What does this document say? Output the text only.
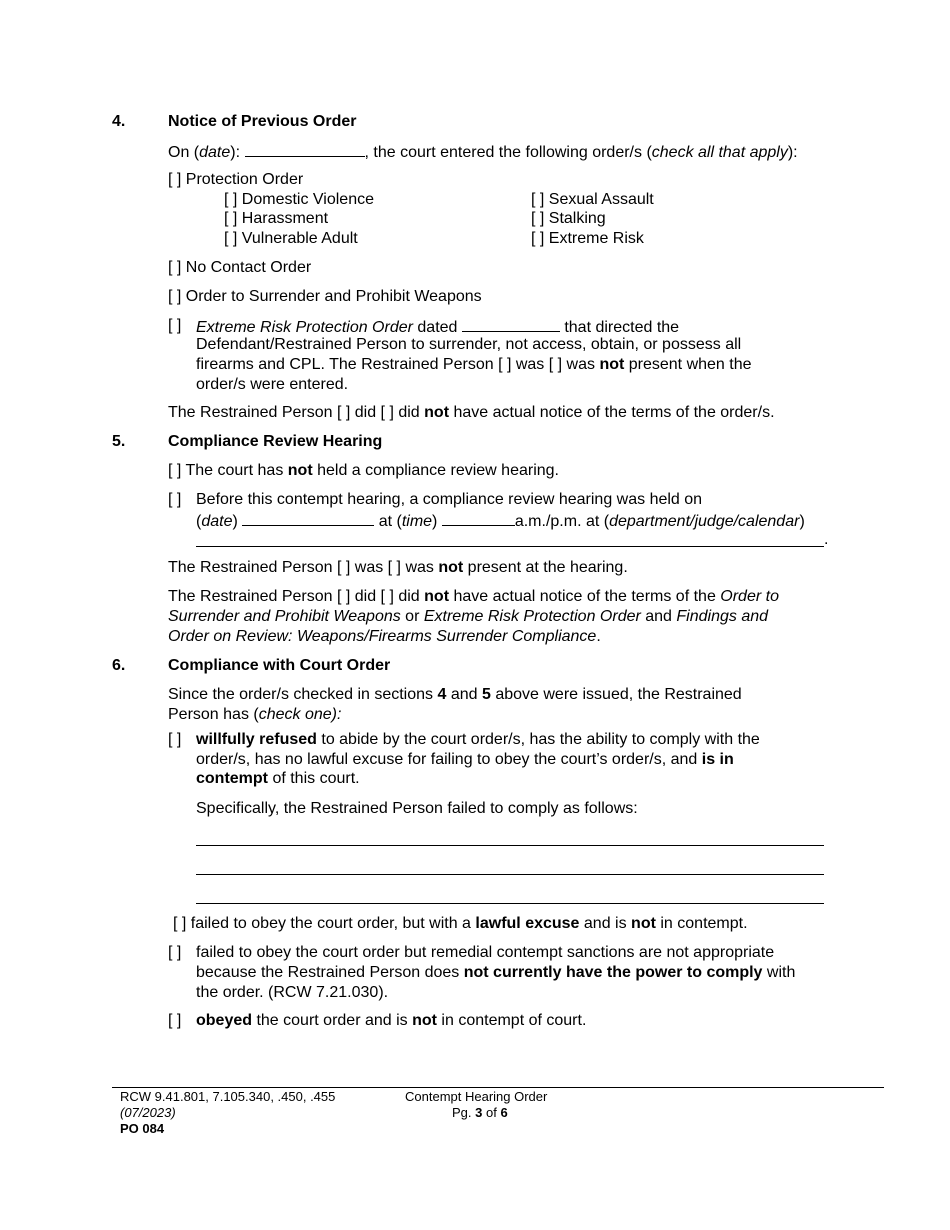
4.	Notice of Previous Order
On (date):	, the court entered the following order/s (check all that apply):
[ ] Protection Order
[ ] Domestic Violence	[ ] Sexual Assault
[ ] Harassment	[ ] Stalking
[ ] Vulnerable Adult	[ ] Extreme Risk
[ ] No Contact Order
[ ] Order to Surrender and Prohibit Weapons
[ ] Extreme Risk Protection Order dated	that directed the
Defendant/Restrained Person to surrender, not access, obtain, or possess all
firearms and CPL. The Restrained Person [ ] was [ ] was not present when the
order/s were entered.
The Restrained Person [ ] did [ ] did not have actual notice of the terms of the order/s.
5.	Compliance Review Hearing
[ ] The court has not held a compliance review hearing.
[ ] Before this contempt hearing, a compliance review hearing was held on
(date)	at (time)	a.m./p.m. at (department/judge/calendar)
.
The Restrained Person [ ] was [ ] was not present at the hearing.
The Restrained Person [ ] did [ ] did not have actual notice of the terms of the Order to
Surrender and Prohibit Weapons or Extreme Risk Protection Order and Findings and
Order on Review: Weapons/Firearms Surrender Compliance.
6.	Compliance with Court Order
Since the order/s checked in sections 4 and 5 above were issued, the Restrained
Person has (check one):
[ ] willfully refused to abide by the court order/s, has the ability to comply with the
order/s, has no lawful excuse for failing to obey the court’s order/s, and is in
contempt of this court.
Specifically, the Restrained Person failed to comply as follows:
[ ] failed to obey the court order, but with a lawful excuse and is not in contempt.
[ ] failed to obey the court order but remedial contempt sanctions are not appropriate
because the Restrained Person does not currently have the power to comply with
the order. (RCW 7.21.030).
[ ] obeyed the court order and is not in contempt of court.
RCW 9.41.801, 7.105.340, .450, .455
(07/2023)
PO 084
Contempt Hearing Order
Pg. 3 of 6
